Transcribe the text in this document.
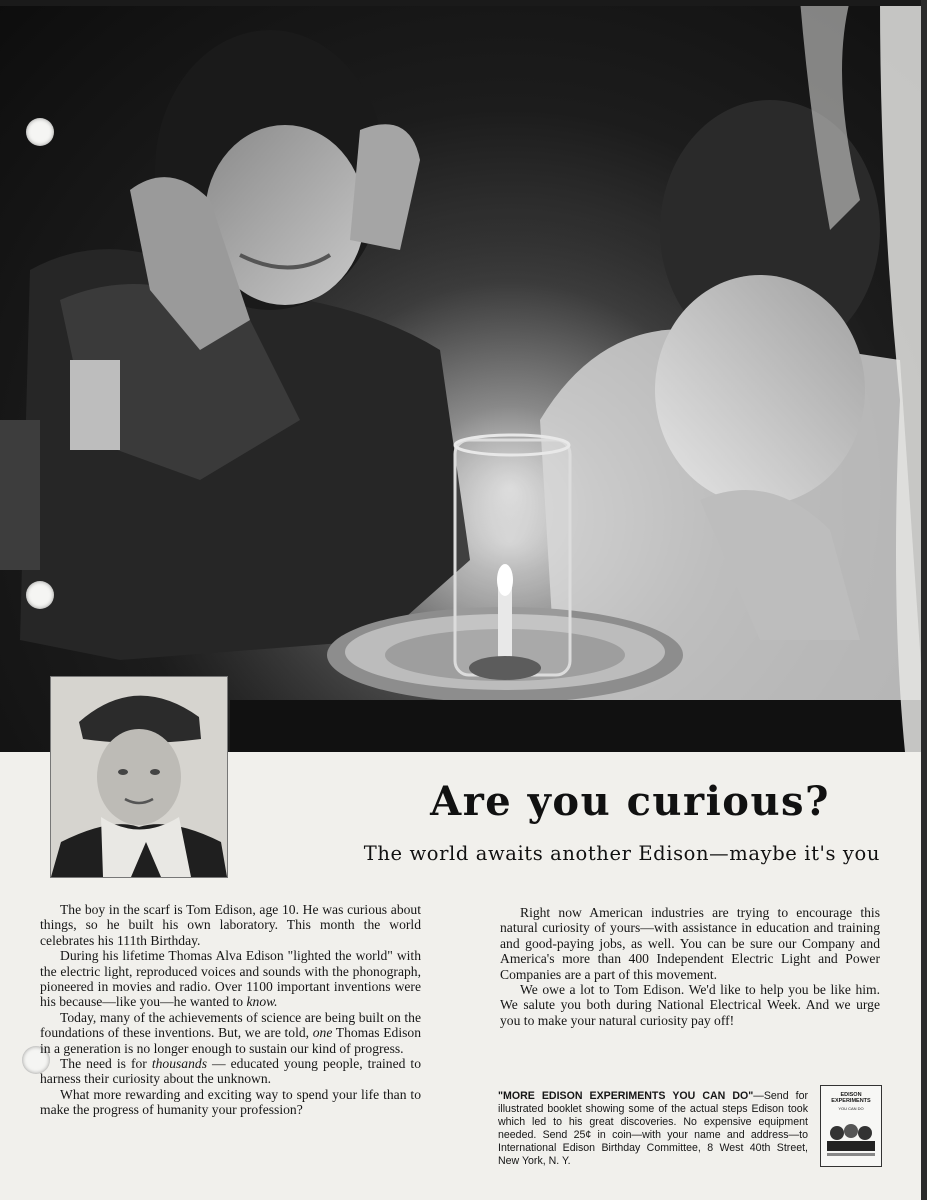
Are you curious?
The world awaits another Edison—maybe it's you

The boy in the scarf is Tom Edison, age 10. He was curious about things, so he built his own laboratory. This month the world celebrates his 111th Birthday.

During his lifetime Thomas Alva Edison "lighted the world" with the electric light, reproduced voices and sounds with the phonograph, pioneered in movies and radio. Over 1100 important inventions were his because—like you—he wanted to know.

Today, many of the achievements of science are being built on the foundations of these inventions. But, we are told, one Thomas Edison in a generation is no longer enough to sustain our kind of progress.

The need is for thousands — educated young people, trained to harness their curiosity about the unknown.

What more rewarding and exciting way to spend your life than to make the progress of humanity your profession?

Right now American industries are trying to encourage this natural curiosity of yours—with assistance in education and training and good-paying jobs, as well. You can be sure our Company and America's more than 400 Independent Electric Light and Power Companies are a part of this movement.

We owe a lot to Tom Edison. We'd like to help you be like him. We salute you both during National Electrical Week. And we urge you to make your natural curiosity pay off!

"MORE EDISON EXPERIMENTS YOU CAN DO"—Send for illustrated booklet showing some of the actual steps Edison took which led to his great discoveries. No expensive equipment needed. Send 25¢ in coin—with your name and address—to International Edison Birthday Committee, 8 West 40th Street, New York, N. Y.
EDISON EXPERIMENTS
YOU CAN DO
